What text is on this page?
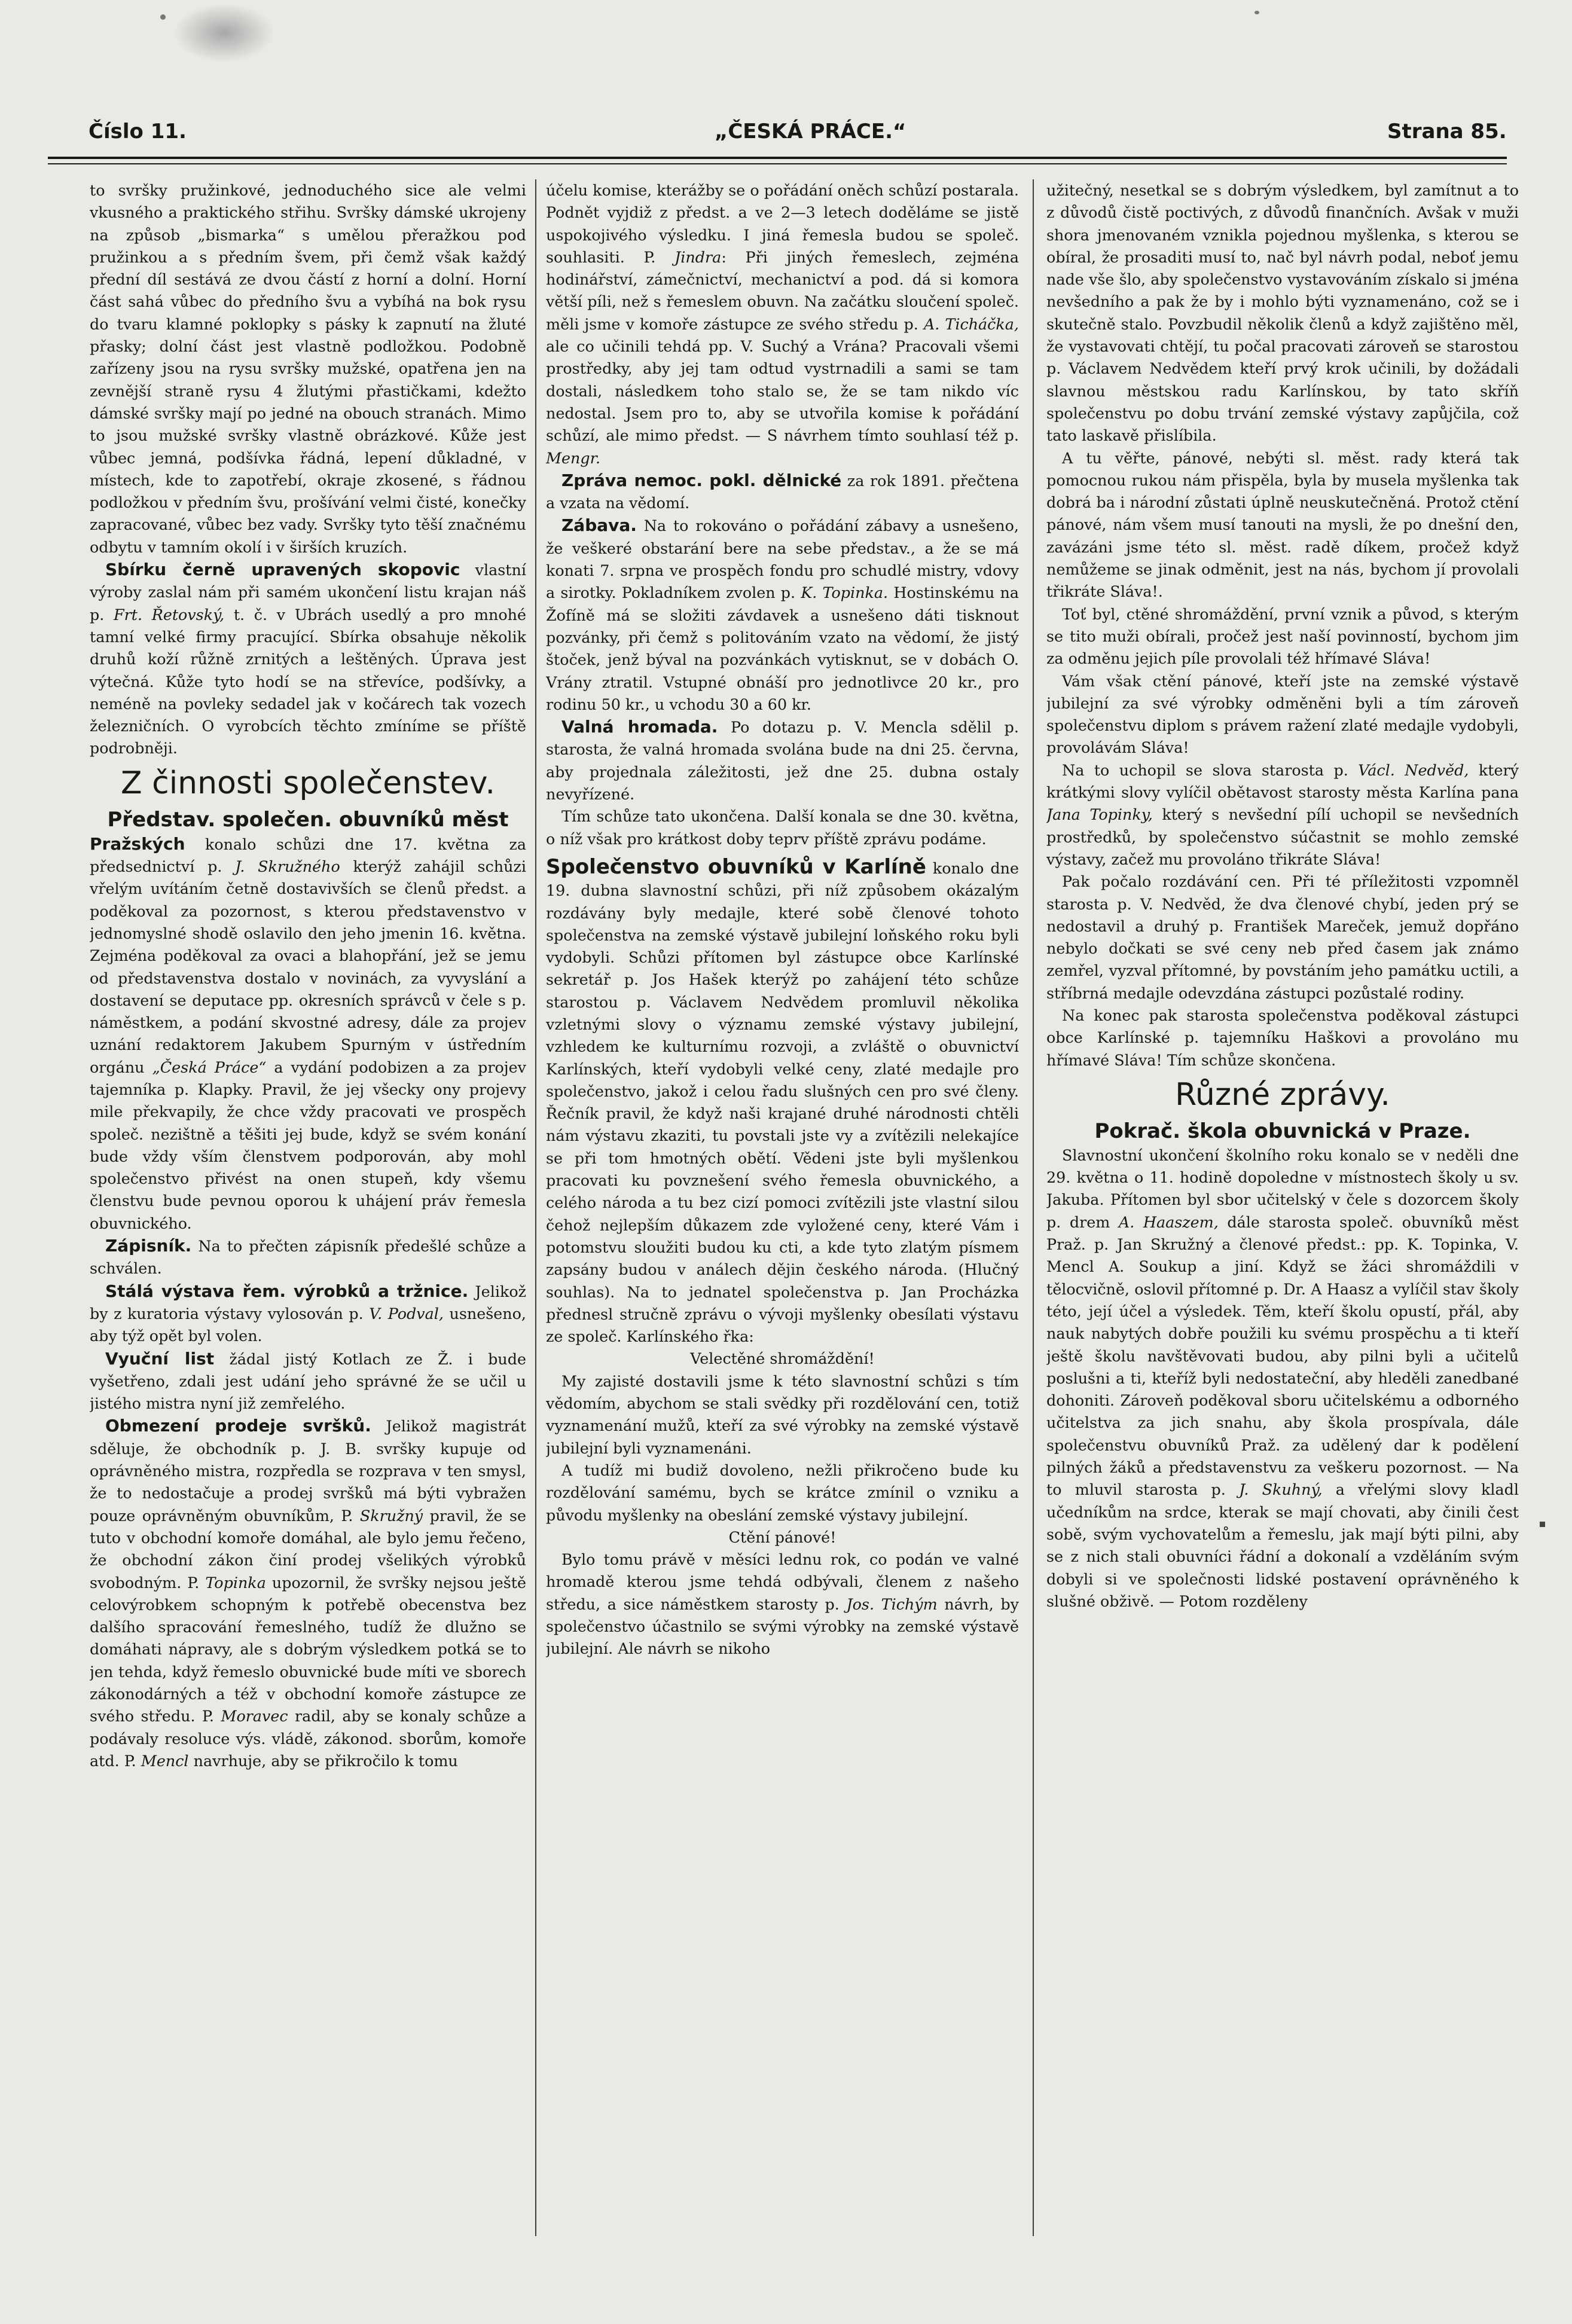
Číslo 11.	„ČESKÁ PRÁCE.“	Strana 85.

to svršky pružinkové, jednoduchého sice ale velmi vkusného a praktického střihu. Svršky dámské ukrojeny na způsob „bismarka“ s umělou přeražkou pod pružinkou a s předním švem, při čemž však každý přední díl sestává ze dvou částí z horní a dolní. Horní část sahá vůbec do předního švu a vybíhá na bok rysu do tvaru klamné poklopky s pásky k zapnutí na žluté přasky; dolní část jest vlastně podložkou. Podobně zařízeny jsou na rysu svršky mužské, opatřena jen na zevnější straně rysu 4 žlutými přastičkami, kdežto dámské svršky mají po jedné na obouch stranách. Mimo to jsou mužské svršky vlastně obrázkové. Kůže jest vůbec jemná, podšívka řádná, lepení důkladné, v místech, kde to zapotřebí, okraje zkosené, s řádnou podložkou v předním švu, prošívání velmi čisté, konečky zapracované, vůbec bez vady. Svršky tyto těší značnému odbytu v tamním okolí i v širších kruzích.

Sbírku černě upravených skopovic vlastní výroby zaslal nám při samém ukončení listu krajan náš p. Frt. Řetovský, t. č. v Ubrách usedlý a pro mnohé tamní velké firmy pracující. Sbírka obsahuje několik druhů koží růžně zrnitých a leštěných. Úprava jest výtečná. Kůže tyto hodí se na střevíce, podšívky, a neméně na povleky sedadel jak v kočárech tak vozech železničních. O vyrobcích těchto zmíníme se příště podrobněji.

Z činnosti společenstev.
Představ. společen. obuvníků měst

Pražských konalo schůzi dne 17. května za předsednictví p. J. Skružného kterýž zahájil schůzi vřelým uvítáním četně dostavivších se členů předst. a poděkoval za pozornost, s kterou představenstvo v jednomyslné shodě oslavilo den jeho jmenin 16. května. Zejména poděkoval za ovaci a blahopřání, jež se jemu od představenstva dostalo v novinách, za vyvyslání a dostavení se deputace pp. okresních správců v čele s p. náměstkem, a podání skvostné adresy, dále za projev uznání redaktorem Jakubem Spurným v ústředním orgánu „Česká Práce“ a vydání podobizen a za projev tajemníka p. Klapky. Pravil, že jej všecky ony projevy mile překvapily, že chce vždy pracovati ve prospěch společ. nezištně a těšiti jej bude, když se svém konání bude vždy vším členstvem podporován, aby mohl společenstvo přivést na onen stupeň, kdy všemu členstvu bude pevnou oporou k uhájení práv řemesla obuvnického.

Zápisník. Na to přečten zápisník předešlé schůze a schválen.

Stálá výstava řem. výrobků a tržnice. Jelikož by z kuratoria výstavy vylosován p. V. Podval, usnešeno, aby týž opět byl volen.

Vyuční list žádal jistý Kotlach ze Ž. i bude vyšetřeno, zdali jest udání jeho správné že se učil u jistého mistra nyní již zemřelého.

Obmezení prodeje svršků. Jelikož magistrát sděluje, že obchodník p. J. B. svršky kupuje od oprávněného mistra, rozpředla se rozprava v ten smysl, že to nedostačuje a prodej svršků má býti vybražen pouze oprávněným obuvníkům, P. Skružný pravil, že se tuto v obchodní komoře domáhal, ale bylo jemu řečeno, že obchodní zákon činí prodej všelikých výrobků svobodným. P. Topinka upozornil, že svršky nejsou ještě celovýrobkem schopným k potřebě obecenstva bez dalšího spracování řemeslného, tudíž že dlužno se domáhati nápravy, ale s dobrým výsledkem potká se to jen tehda, když řemeslo obuvnické bude míti ve sborech zákonodárných a též v obchodní komoře zástupce ze svého středu. P. Moravec radil, aby se konaly schůze a podávaly resoluce výs. vládě, zákonod. sborům, komoře atd. P. Mencl navrhuje, aby se přikročilo k tomu

účelu komise, kterážby se o pořádání oněch schůzí postarala. Podnět vyjdiž z předst. a ve 2—3 letech doděláme se jistě uspokojivého výsledku. I jiná řemesla budou se společ. souhlasiti. P. Jindra: Při jiných řemeslech, zejména hodinářství, zámečnictví, mechanictví a pod. dá si komora větší píli, než s řemeslem obuvn. Na začátku sloučení společ. měli jsme v komoře zástupce ze svého středu p. A. Ticháčka, ale co učinili tehdá pp. V. Suchý a Vrána? Pracovali všemi prostředky, aby jej tam odtud vystrnadili a sami se tam dostali, následkem toho stalo se, že se tam nikdo víc nedostal. Jsem pro to, aby se utvořila komise k pořádání schůzí, ale mimo předst. — S návrhem tímto souhlasí též p. Mengr.

Zpráva nemoc. pokl. dělnické za rok 1891. přečtena a vzata na vědomí.

Zábava. Na to rokováno o pořádání zábavy a usnešeno, že veškeré obstarání bere na sebe představ., a že se má konati 7. srpna ve prospěch fondu pro schudlé mistry, vdovy a sirotky. Pokladníkem zvolen p. K. Topinka. Hostinskému na Žofíně má se složiti závdavek a usnešeno dáti tisknout pozvánky, při čemž s politováním vzato na vědomí, že jistý štoček, jenž býval na pozvánkách vytisknut, se v dobách O. Vrány ztratil. Vstupné obnáší pro jednotlivce 20 kr., pro rodinu 50 kr., u vchodu 30 a 60 kr.

Valná hromada. Po dotazu p. V. Mencla sdělil p. starosta, že valná hromada svolána bude na dni 25. června, aby projednala záležitosti, jež dne 25. dubna ostaly nevyřízené.

Tím schůze tato ukončena. Další konala se dne 30. května, o níž však pro krátkost doby teprv příště zprávu podáme.

Společenstvo obuvníků v Karlíně konalo dne 19. dubna slavnostní schůzi, při níž způsobem okázalým rozdávány byly medajle, které sobě členové tohoto společenstva na zemské výstavě jubilejní loňského roku byli vydobyli. Schůzi přítomen byl zástupce obce Karlínské sekretář p. Jos Hašek kterýž po zahájení této schůze starostou p. Václavem Nedvědem promluvil několika vzletnými slovy o významu zemské výstavy jubilejní, vzhledem ke kulturnímu rozvoji, a zvláště o obuvnictví Karlínských, kteří vydobyli velké ceny, zlaté medajle pro společenstvo, jakož i celou řadu slušných cen pro své členy. Řečník pravil, že když naši krajané druhé národnosti chtěli nám výstavu zkaziti, tu povstali jste vy a zvítězili nelekajíce se při tom hmotných obětí. Vědeni jste byli myšlenkou pracovati ku povznešení svého řemesla obuvnického, a celého národa a tu bez cizí pomoci zvítězili jste vlastní silou čehož nejlepším důkazem zde vyložené ceny, které Vám i potomstvu sloužiti budou ku cti, a kde tyto zlatým písmem zapsány budou v análech dějin českého národa. (Hlučný souhlas). Na to jednatel společenstva p. Jan Procházka přednesl stručně zprávu o vývoji myšlenky obesílati výstavu ze společ. Karlínského řka:

Velectěné shromáždění!

My zajisté dostavili jsme k této slavnostní schůzi s tím vědomím, abychom se stali svědky při rozdělování cen, totiž vyznamenání mužů, kteří za své výrobky na zemské výstavě jubilejní byli vyznamenáni.

A tudíž mi budiž dovoleno, nežli přikročeno bude ku rozdělování samému, bych se krátce zmínil o vzniku a původu myšlenky na obeslání zemské výstavy jubilejní.

Ctění pánové!

Bylo tomu právě v měsíci lednu rok, co podán ve valné hromadě kterou jsme tehdá odbývali, členem z našeho středu, a sice náměstkem starosty p. Jos. Tichým návrh, by společenstvo účastnilo se svými výrobky na zemské výstavě jubilejní. Ale návrh se nikoho

užitečný, nesetkal se s dobrým výsledkem, byl zamítnut a to z důvodů čistě poctivých, z důvodů finančních. Avšak v muži shora jmenovaném vznikla pojednou myšlenka, s kterou se obíral, že prosaditi musí to, nač byl návrh podal, neboť jemu nade vše šlo, aby společenstvo vystavováním získalo si jména nevšedního a pak že by i mohlo býti vyznamenáno, což se i skutečně stalo. Povzbudil několik členů a když zajištěno měl, že vystavovati chtějí, tu počal pracovati zároveň se starostou p. Václavem Nedvědem kteří prvý krok učinili, by dožádali slavnou městskou radu Karlínskou, by tato skříň společenstvu po dobu trvání zemské výstavy zapůjčila, což tato laskavě přislíbila.

A tu věřte, pánové, nebýti sl. měst. rady která tak pomocnou rukou nám přispěla, byla by musela myšlenka tak dobrá ba i národní zůstati úplně neuskutečněná. Protož ctění pánové, nám všem musí tanouti na mysli, že po dnešní den, zavázáni jsme této sl. měst. radě díkem, pročež když nemůžeme se jinak odměnit, jest na nás, bychom jí provolali třikráte Sláva!.

Toť byl, ctěné shromáždění, první vznik a původ, s kterým se tito muži obírali, pročež jest naší povinností, bychom jim za odměnu jejich píle provolali též hřímavé Sláva!

Vám však ctění pánové, kteří jste na zemské výstavě jubilejní za své výrobky odměněni byli a tím zároveň společenstvu diplom s právem ražení zlaté medajle vydobyli, provolávám Sláva!

Na to uchopil se slova starosta p. Václ. Nedvěd, který krátkými slovy vylíčil obětavost starosty města Karlína pana Jana Topinky, který s nevšední pílí uchopil se nevšedních prostředků, by společenstvo súčastnit se mohlo zemské výstavy, začež mu provoláno třikráte Sláva!

Pak počalo rozdávání cen. Při té příležitosti vzpomněl starosta p. V. Nedvěd, že dva členové chybí, jeden prý se nedostavil a druhý p. František Mareček, jemuž dopřáno nebylo dočkati se své ceny neb před časem jak známo zemřel, vyzval přítomné, by povstáním jeho památku uctili, a stříbrná medajle odevzdána zástupci pozůstalé rodiny.

Na konec pak starosta společenstva poděkoval zástupci obce Karlínské p. tajemníku Haškovi a provoláno mu hřímavé Sláva! Tím schůze skončena.

Různé zprávy.
Pokrač. škola obuvnická v Praze.

Slavnostní ukončení školního roku konalo se v neděli dne 29. května o 11. hodině dopoledne v místnostech školy u sv. Jakuba. Přítomen byl sbor učitelský v čele s dozorcem školy p. drem A. Haaszem, dále starosta společ. obuvníků měst Praž. p. Jan Skružný a členové předst.: pp. K. Topinka, V. Mencl A. Soukup a jiní. Když se žáci shromáždili v tělocvičně, oslovil přítomné p. Dr. A Haasz a vylíčil stav školy této, její účel a výsledek. Těm, kteří školu opustí, přál, aby nauk nabytých dobře použili ku svému prospěchu a ti kteří ještě školu navštěvovati budou, aby pilni byli a učitelů poslušni a ti, kteříž byli nedostateční, aby hleděli zanedbané dohoniti. Zároveň poděkoval sboru učitelskému a odborného učitelstva za jich snahu, aby škola prospívala, dále společenstvu obuvníků Praž. za udělený dar k podělení pilných žáků a představenstvu za veškeru pozornost. — Na to mluvil starosta p. J. Skuhný, a vřelými slovy kladl učedníkům na srdce, kterak se mají chovati, aby činili čest sobě, svým vychovatelům a řemeslu, jak mají býti pilni, aby se z nich stali obuvníci řádní a dokonalí a vzděláním svým dobyli si ve společnosti lidské postavení oprávněného k slušné obživě. — Potom rozděleny
